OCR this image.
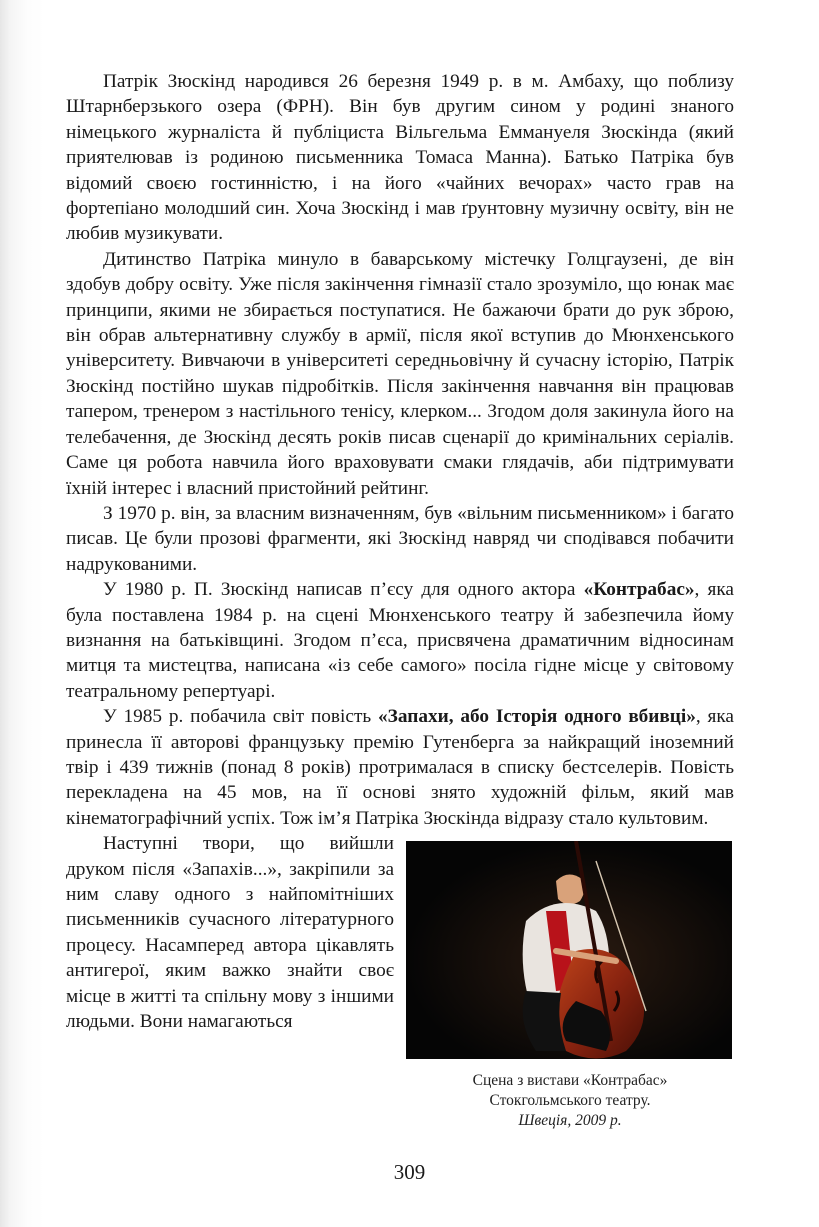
Патрік Зюскінд народився 26 березня 1949 р. в м. Амбаху, що поблизу Штарнберзького озера (ФРН). Він був другим сином у родині знаного німецького журналіста й публіциста Вільгельма Еммануеля Зюскінда (який приятелював із родиною письменника Томаса Манна). Батько Патріка був відомий своєю гостинністю, і на його «чайних вечорах» часто грав на фортепіано молодший син. Хоча Зюскінд і мав ґрунтовну музичну освіту, він не любив музикувати.

Дитинство Патріка минуло в баварському містечку Голцгаузені, де він здобув добру освіту. Уже після закінчення гімназії стало зрозуміло, що юнак має принципи, якими не збирається поступатися. Не бажаючи брати до рук зброю, він обрав альтернативну службу в армії, після якої вступив до Мюнхенського університету. Вивчаючи в університеті середньовічну й сучасну історію, Патрік Зюскінд постійно шукав підробітків. Після закінчення навчання він працював тапером, тренером з настільного тенісу, клерком... Згодом доля закинула його на телебачення, де Зюскінд десять років писав сценарії до кримінальних серіалів. Саме ця робота навчила його враховувати смаки глядачів, аби підтримувати їхній інтерес і власний пристойний рейтинг.

З 1970 р. він, за власним визначенням, був «вільним письменником» і багато писав. Це були прозові фрагменти, які Зюскінд навряд чи сподівався побачити надрукованими.

У 1980 р. П. Зюскінд написав п’єсу для одного актора «Контрабас», яка була поставлена 1984 р. на сцені Мюнхенського театру й забезпечила йому визнання на батьківщині. Згодом п’єса, присвячена драматичним відносинам митця та мистецтва, написана «із себе самого» посіла гідне місце у світовому театральному репертуарі.

У 1985 р. побачила світ повість «Запахи, або Історія одного вбивці», яка принесла її авторові французьку премію Гутенберга за найкращий іноземний твір і 439 тижнів (понад 8 років) протрималася в списку бестселерів. Повість перекладена на 45 мов, на її основі знято художній фільм, який мав кінематографічний успіх. Тож ім’я Патріка Зюскінда відразу стало культовим.

Сцена з вистави «Контрабас»
Стокгольмського театру.
Швеція, 2009 р.

Наступні твори, що вийшли друком після «Запахів...», закріпили за ним славу одного з найпомітніших письменників сучасного літературного процесу. Насамперед автора цікавлять антигерої, яким важко знайти своє місце в житті та спільну мову з іншими людьми. Вони намагаються

309
